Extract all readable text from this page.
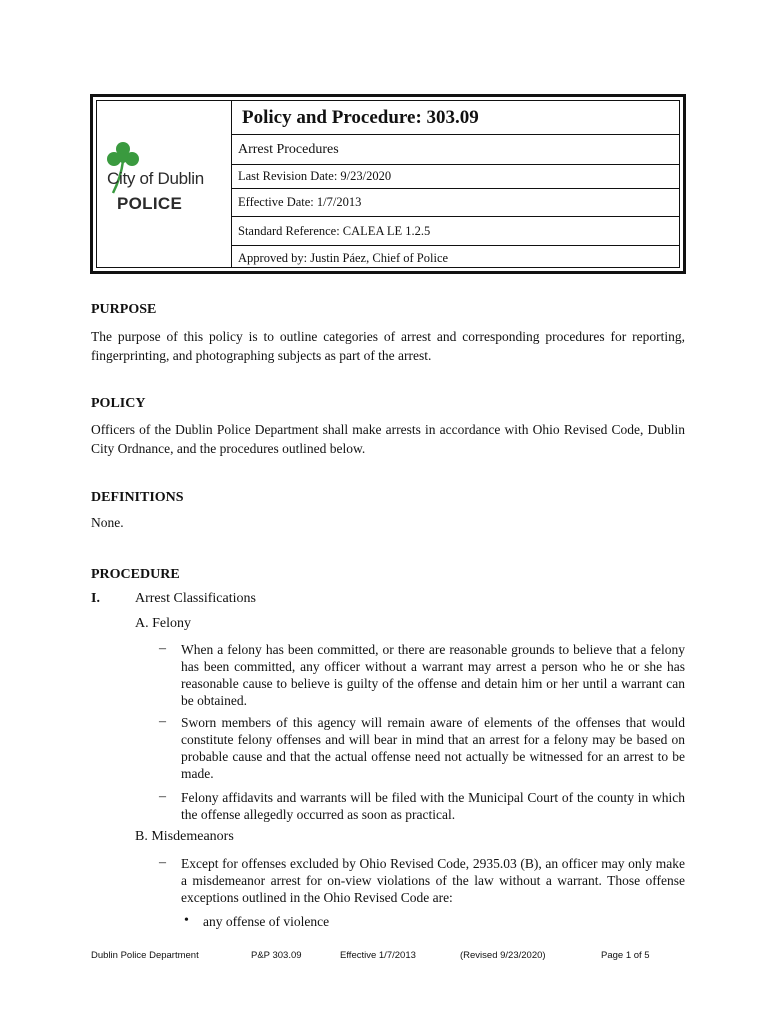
City of Dublin
POLICE
Policy and Procedure: 303.09
Arrest Procedures
Last Revision Date: 9/23/2020
Effective Date: 1/7/2013
Standard Reference: CALEA LE 1.2.5
Approved by: Justin Páez, Chief of Police
PURPOSE
The purpose of this policy is to outline categories of arrest and corresponding procedures for reporting, fingerprinting, and photographing subjects as part of the arrest.
POLICY
Officers of the Dublin Police Department shall make arrests in accordance with Ohio Revised Code, Dublin City Ordnance, and the procedures outlined below.
DEFINITIONS
None.
PROCEDURE
I.	Arrest Classifications
A. Felony
– When a felony has been committed, or there are reasonable grounds to believe that a felony has been committed, any officer without a warrant may arrest a person who he or she has reasonable cause to believe is guilty of the offense and detain him or her until a warrant can be obtained.
– Sworn members of this agency will remain aware of elements of the offenses that would constitute felony offenses and will bear in mind that an arrest for a felony may be based on probable cause and that the actual offense need not actually be witnessed for an arrest to be made.
– Felony affidavits and warrants will be filed with the Municipal Court of the county in which the offense allegedly occurred as soon as practical.
B. Misdemeanors
– Except for offenses excluded by Ohio Revised Code, 2935.03 (B), an officer may only make a misdemeanor arrest for on-view violations of the law without a warrant. Those offense exceptions outlined in the Ohio Revised Code are:
• any offense of violence
Dublin Police Department	P&P 303.09	Effective 1/7/2013	(Revised 9/23/2020)	Page 1 of 5
